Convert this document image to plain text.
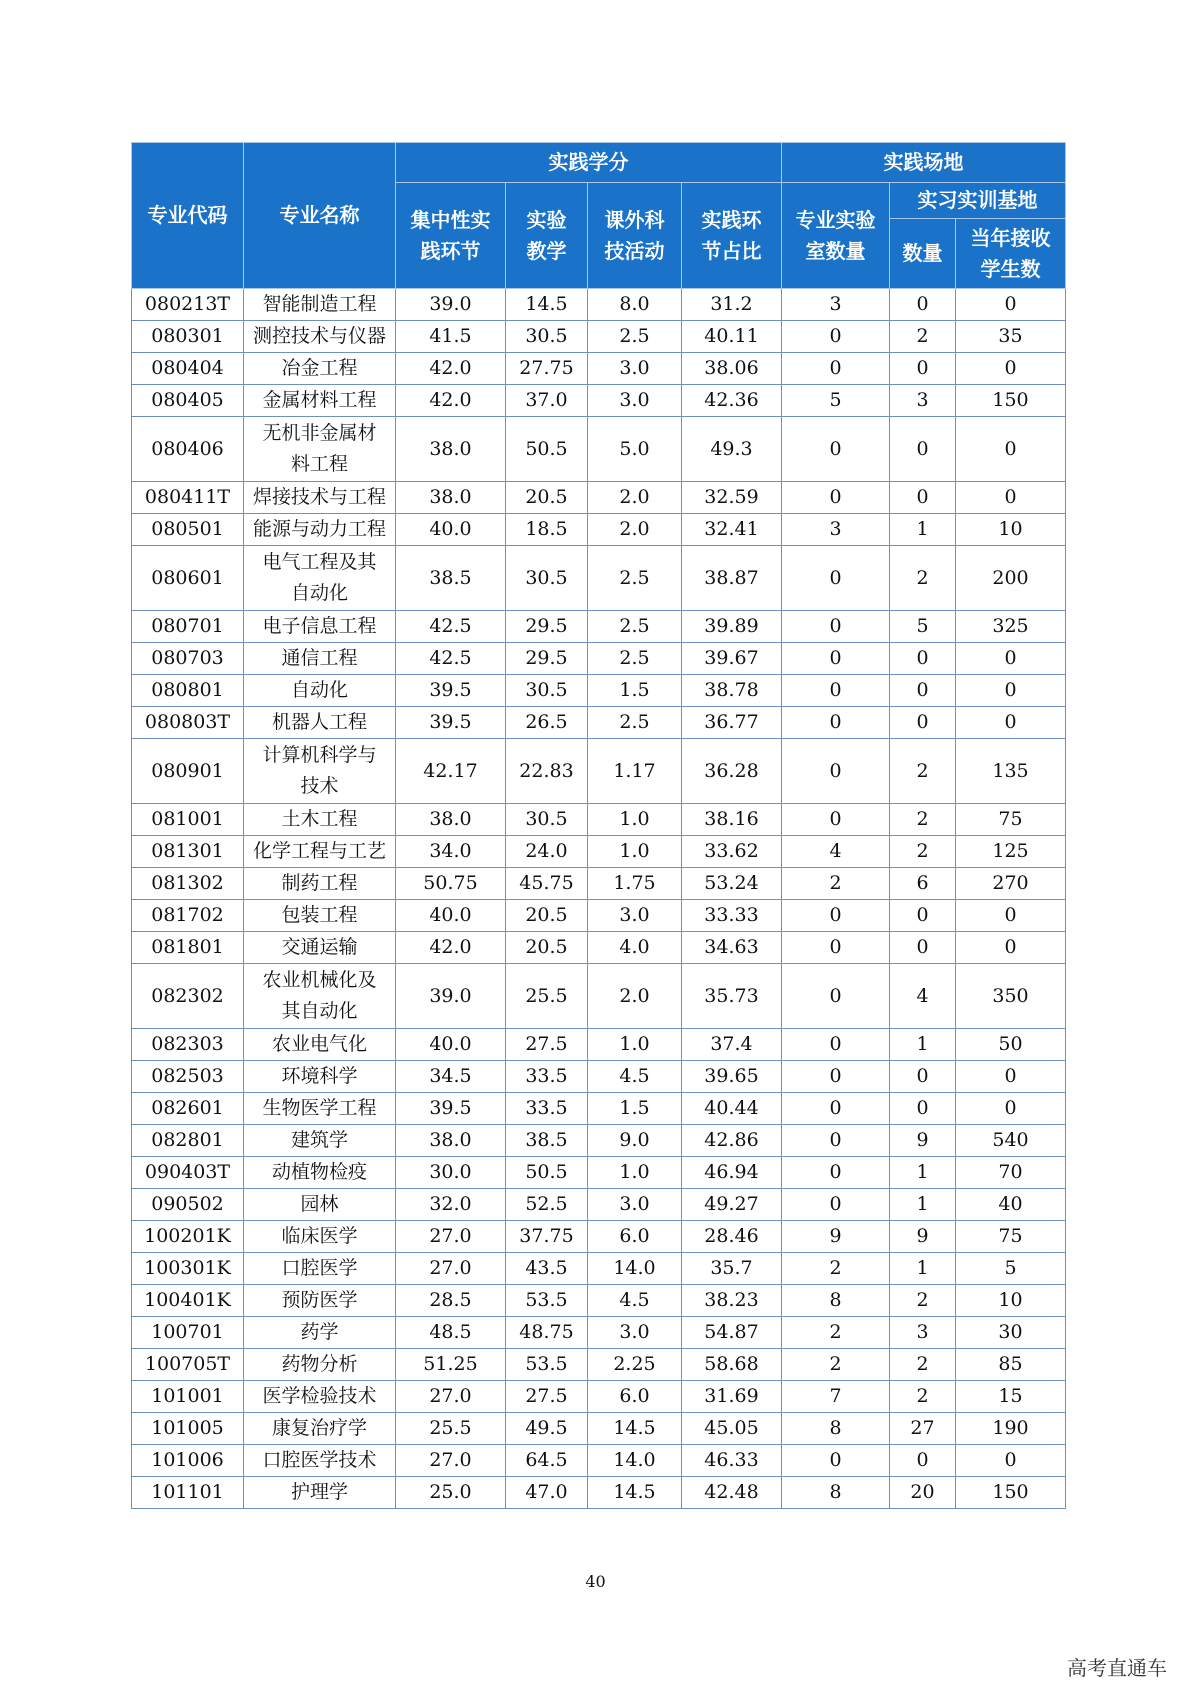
专业代码	专业名称	实践学分				实践场地		
		集中性实践环节	实验教学	课外科技活动	实践环节占比	专业实验室数量	实习实训基地	
							数量	当年接收学生数
080213T	智能制造工程	39.0	14.5	8.0	31.2	3	0	0
080301	测控技术与仪器	41.5	30.5	2.5	40.11	0	2	35
080404	冶金工程	42.0	27.75	3.0	38.06	0	0	0
080405	金属材料工程	42.0	37.0	3.0	42.36	5	3	150
080406	无机非金属材料工程	38.0	50.5	5.0	49.3	0	0	0
080411T	焊接技术与工程	38.0	20.5	2.0	32.59	0	0	0
080501	能源与动力工程	40.0	18.5	2.0	32.41	3	1	10
080601	电气工程及其自动化	38.5	30.5	2.5	38.87	0	2	200
080701	电子信息工程	42.5	29.5	2.5	39.89	0	5	325
080703	通信工程	42.5	29.5	2.5	39.67	0	0	0
080801	自动化	39.5	30.5	1.5	38.78	0	0	0
080803T	机器人工程	39.5	26.5	2.5	36.77	0	0	0
080901	计算机科学与技术	42.17	22.83	1.17	36.28	0	2	135
081001	土木工程	38.0	30.5	1.0	38.16	0	2	75
081301	化学工程与工艺	34.0	24.0	1.0	33.62	4	2	125
081302	制药工程	50.75	45.75	1.75	53.24	2	6	270
081702	包装工程	40.0	20.5	3.0	33.33	0	0	0
081801	交通运输	42.0	20.5	4.0	34.63	0	0	0
082302	农业机械化及其自动化	39.0	25.5	2.0	35.73	0	4	350
082303	农业电气化	40.0	27.5	1.0	37.4	0	1	50
082503	环境科学	34.5	33.5	4.5	39.65	0	0	0
082601	生物医学工程	39.5	33.5	1.5	40.44	0	0	0
082801	建筑学	38.0	38.5	9.0	42.86	0	9	540
090403T	动植物检疫	30.0	50.5	1.0	46.94	0	1	70
090502	园林	32.0	52.5	3.0	49.27	0	1	40
100201K	临床医学	27.0	37.75	6.0	28.46	9	9	75
100301K	口腔医学	27.0	43.5	14.0	35.7	2	1	5
100401K	预防医学	28.5	53.5	4.5	38.23	8	2	10
100701	药学	48.5	48.75	3.0	54.87	2	3	30
100705T	药物分析	51.25	53.5	2.25	58.68	2	2	85
101001	医学检验技术	27.0	27.5	6.0	31.69	7	2	15
101005	康复治疗学	25.5	49.5	14.5	45.05	8	27	190
101006	口腔医学技术	27.0	64.5	14.0	46.33	0	0	0
101101	护理学	25.0	47.0	14.5	42.48	8	20	150
40
高考直通车
